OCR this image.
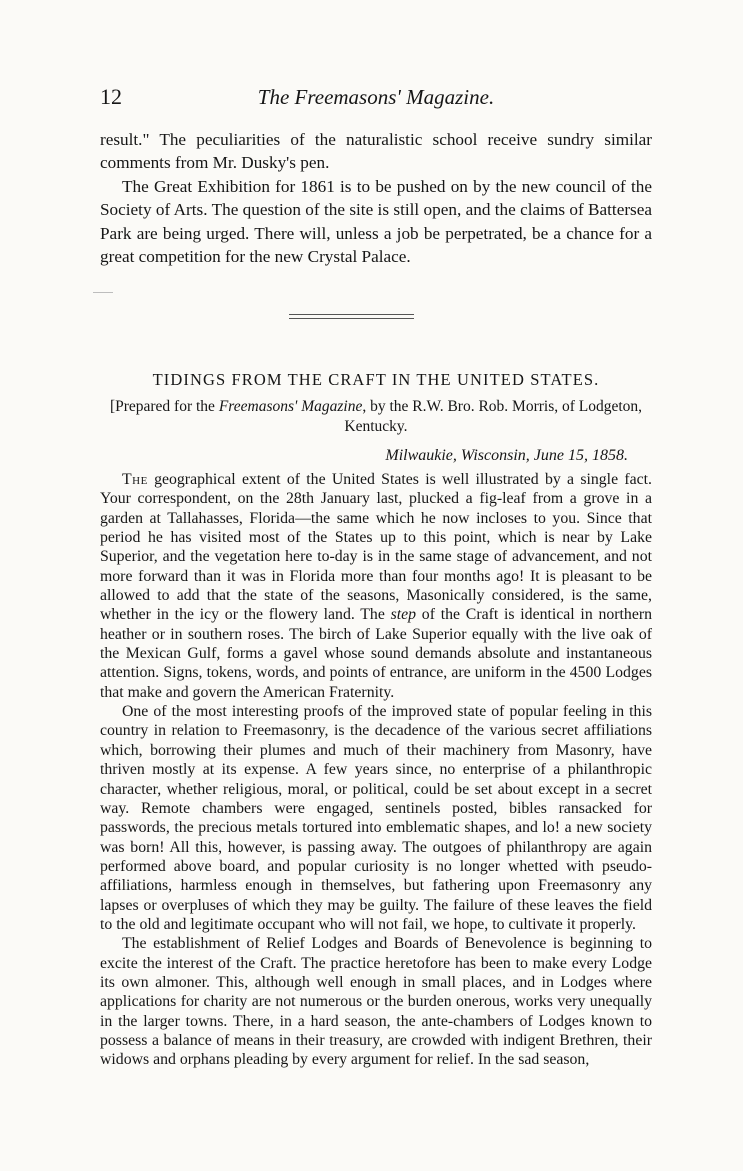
12	The Freemasons' Magazine.

result." The peculiarities of the naturalistic school receive sundry similar comments from Mr. Dusky's pen.

The Great Exhibition for 1861 is to be pushed on by the new council of the Society of Arts. The question of the site is still open, and the claims of Battersea Park are being urged. There will, unless a job be perpetrated, be a chance for a great competition for the new Crystal Palace.

TIDINGS FROM THE CRAFT IN THE UNITED STATES.
[Prepared for the Freemasons' Magazine, by the R.W. Bro. Rob. Morris, of Lodgeton, Kentucky.
Milwaukie, Wisconsin, June 15, 1858.

The geographical extent of the United States is well illustrated by a single fact. Your correspondent, on the 28th January last, plucked a fig-leaf from a grove in a garden at Tallahasses, Florida—the same which he now incloses to you. Since that period he has visited most of the States up to this point, which is near by Lake Superior, and the vegetation here to-day is in the same stage of advancement, and not more forward than it was in Florida more than four months ago! It is pleasant to be allowed to add that the state of the seasons, Masonically considered, is the same, whether in the icy or the flowery land. The step of the Craft is identical in northern heather or in southern roses. The birch of Lake Superior equally with the live oak of the Mexican Gulf, forms a gavel whose sound demands absolute and instantaneous attention. Signs, tokens, words, and points of entrance, are uniform in the 4500 Lodges that make and govern the American Fraternity.

One of the most interesting proofs of the improved state of popular feeling in this country in relation to Freemasonry, is the decadence of the various secret affiliations which, borrowing their plumes and much of their machinery from Masonry, have thriven mostly at its expense. A few years since, no enterprise of a philanthropic character, whether religious, moral, or political, could be set about except in a secret way. Remote chambers were engaged, sentinels posted, bibles ransacked for passwords, the precious metals tortured into emblematic shapes, and lo! a new society was born! All this, however, is passing away. The outgoes of philanthropy are again performed above board, and popular curiosity is no longer whetted with pseudo-affiliations, harmless enough in themselves, but fathering upon Freemasonry any lapses or overpluses of which they may be guilty. The failure of these leaves the field to the old and legitimate occupant who will not fail, we hope, to cultivate it properly.

The establishment of Relief Lodges and Boards of Benevolence is beginning to excite the interest of the Craft. The practice heretofore has been to make every Lodge its own almoner. This, although well enough in small places, and in Lodges where applications for charity are not numerous or the burden onerous, works very unequally in the larger towns. There, in a hard season, the ante-chambers of Lodges known to possess a balance of means in their treasury, are crowded with indigent Brethren, their widows and orphans pleading by every argument for relief. In the sad season,
